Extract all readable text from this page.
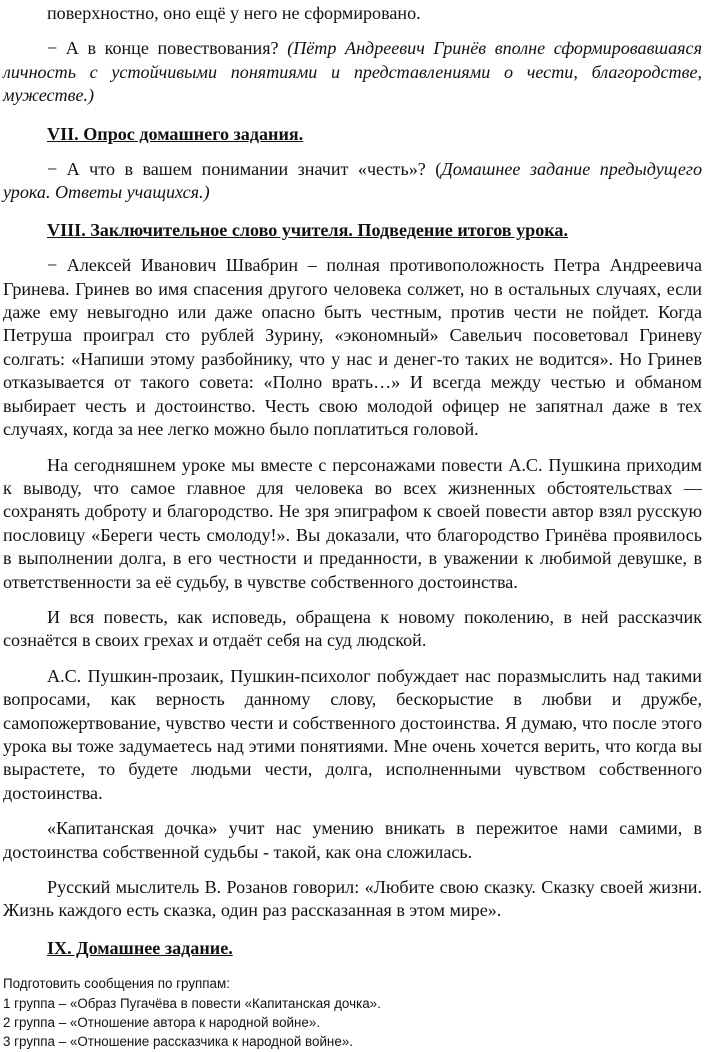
поверхностно, оно ещё у него не сформировано.

− А в конце повествования? (Пётр Андреевич Гринёв вполне сформировавшаяся личность с устойчивыми понятиями и представлениями о чести, благородстве, мужестве.)

VII. Опрос домашнего задания.

− А что в вашем понимании значит «честь»? (Домашнее задание предыдущего урока. Ответы учащихся.)

VIII. Заключительное слово учителя. Подведение итогов урока.

− Алексей Иванович Швабрин – полная противоположность Петра Андреевича Гринева. Гринев во имя спасения другого человека солжет, но в остальных случаях, если даже ему невыгодно или даже опасно быть честным, против чести не пойдет. Когда Петруша проиграл сто рублей Зурину, «экономный» Савельич посоветовал Гриневу солгать: «Напиши этому разбойнику, что у нас и денег-то таких не водится». Но Гринев отказывается от такого совета: «Полно врать…» И всегда между честью и обманом выбирает честь и достоинство. Честь свою молодой офицер не запятнал даже в тех случаях, когда за нее легко можно было поплатиться головой.

На сегодняшнем уроке мы вместе с персонажами повести А.С. Пушкина приходим к выводу, что самое главное для человека во всех жизненных обстоятельствах — сохранять доброту и благородство. Не зря эпиграфом к своей повести автор взял русскую пословицу «Береги честь смолоду!». Вы доказали, что благородство Гринёва проявилось в выполнении долга, в его честности и преданности, в уважении к любимой девушке, в ответственности за её судьбу, в чувстве собственного достоинства.

И вся повесть, как исповедь, обращена к новому поколению, в ней рассказчик сознаётся в своих грехах и отдаёт себя на суд людской.

А.С. Пушкин-прозаик, Пушкин-психолог побуждает нас поразмыслить над такими вопросами, как верность данному слову, бескорыстие в любви и дружбе, самопожертвование, чувство чести и собственного достоинства. Я думаю, что после этого урока вы тоже задумаетесь над этими понятиями. Мне очень хочется верить, что когда вы вырастете, то будете людьми чести, долга, исполненными чувством собственного достоинства.

«Капитанская дочка» учит нас умению вникать в пережитое нами самими, в достоинства собственной судьбы - такой, как она сложилась.

Русский мыслитель В. Розанов говорил: «Любите свою сказку. Сказку своей жизни. Жизнь каждого есть сказка, один раз рассказанная в этом мире».

IX. Домашнее задание.

Подготовить сообщения по группам:

1 группа – «Образ Пугачёва в повести «Капитанская дочка».

2 группа – «Отношение автора к народной войне».

3 группа – «Отношение рассказчика к народной войне».
